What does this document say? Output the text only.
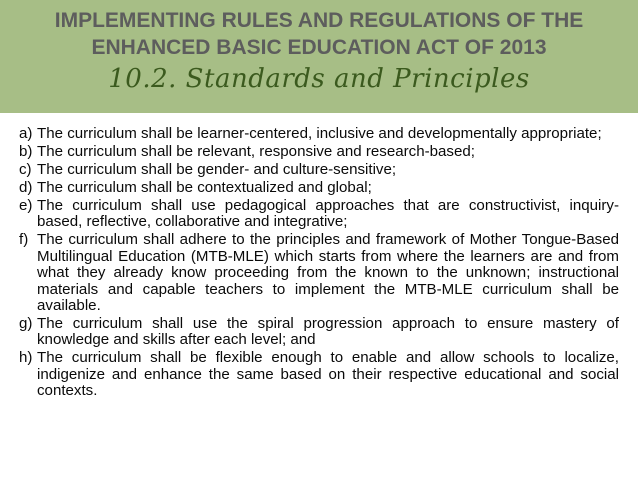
IMPLEMENTING RULES AND REGULATIONS OF THE
ENHANCED BASIC EDUCATION ACT OF 2013
10.2. Standards and Principles
a) The curriculum shall be learner-centered, inclusive and developmentally appropriate;
b) The curriculum shall be relevant, responsive and research-based;
c) The curriculum shall be gender- and culture-sensitive;
d) The curriculum shall be contextualized and global;
e) The curriculum shall use pedagogical approaches that are constructivist, inquiry-based, reflective, collaborative and integrative;
f) The curriculum shall adhere to the principles and framework of Mother Tongue-Based Multilingual Education (MTB-MLE) which starts from where the learners are and from what they already know proceeding from the known to the unknown; instructional materials and capable teachers to implement the MTB-MLE curriculum shall be available.
g) The curriculum shall use the spiral progression approach to ensure mastery of knowledge and skills after each level; and
h) The curriculum shall be flexible enough to enable and allow schools to localize, indigenize and enhance the same based on their respective educational and social contexts.
